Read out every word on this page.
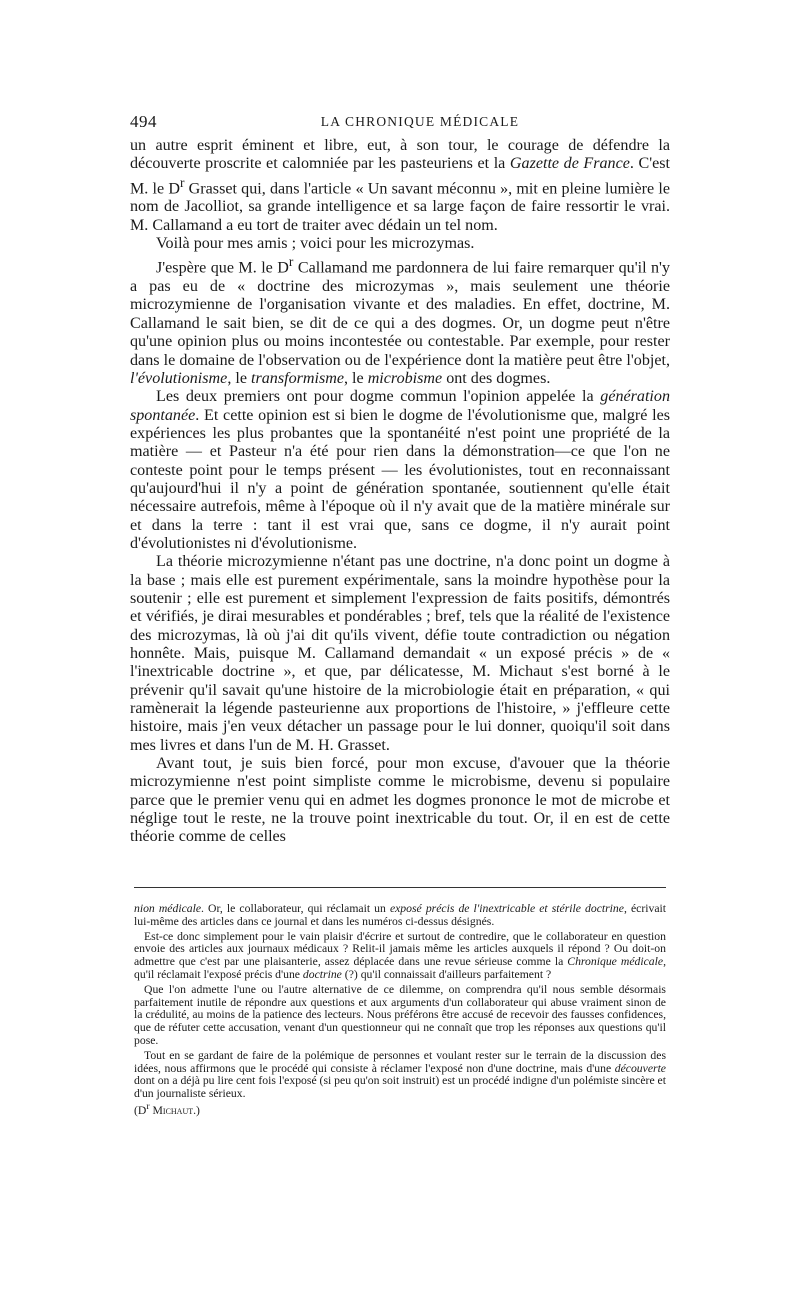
494	LA CHRONIQUE MÉDICALE

un autre esprit éminent et libre, eut, à son tour, le courage de défendre la découverte proscrite et calomniée par les pasteuriens et la Gazette de France. C'est M. le $D^r$ Grasset qui, dans l'article « Un savant méconnu », mit en pleine lumière le nom de Jacolliot, sa grande intelligence et sa large façon de faire ressortir le vrai. M. Callamand a eu tort de traiter avec dédain un tel nom.

Voilà pour mes amis ; voici pour les microzymas.

J'espère que M. le $D^r$ Callamand me pardonnera de lui faire remarquer qu'il n'y a pas eu de « doctrine des microzymas », mais seulement une théorie microzymienne de l'organisation vivante et des maladies. En effet, doctrine, M. Callamand le sait bien, se dit de ce qui a des dogmes. Or, un dogme peut n'être qu'une opinion plus ou moins incontestée ou contestable. Par exemple, pour rester dans le domaine de l'observation ou de l'expérience dont la matière peut être l'objet, l'évolutionisme, le transformisme, le microbisme ont des dogmes.

Les deux premiers ont pour dogme commun l'opinion appelée la génération spontanée. Et cette opinion est si bien le dogme de l'évolutionisme que, malgré les expériences les plus probantes que la spontanéité n'est point une propriété de la matière — et Pasteur n'a été pour rien dans la démonstration—ce que l'on ne conteste point pour le temps présent — les évolutionistes, tout en reconnaissant qu'aujourd'hui il n'y a point de génération spontanée, soutiennent qu'elle était nécessaire autrefois, même à l'époque où il n'y avait que de la matière minérale sur et dans la terre : tant il est vrai que, sans ce dogme, il n'y aurait point d'évolutionistes ni d'évolutionisme.

La théorie microzymienne n'étant pas une doctrine, n'a donc point un dogme à la base ; mais elle est purement expérimentale, sans la moindre hypothèse pour la soutenir ; elle est purement et simplement l'expression de faits positifs, démontrés et vérifiés, je dirai mesurables et pondérables ; bref, tels que la réalité de l'existence des microzymas, là où j'ai dit qu'ils vivent, défie toute contradiction ou négation honnête. Mais, puisque M. Callamand demandait « un exposé précis » de « l'inextricable doctrine », et que, par délicatesse, M. Michaut s'est borné à le prévenir qu'il savait qu'une histoire de la microbiologie était en préparation, « qui ramènerait la légende pasteurienne aux proportions de l'histoire, » j'effleure cette histoire, mais j'en veux détacher un passage pour le lui donner, quoiqu'il soit dans mes livres et dans l'un de M. H. Grasset.

Avant tout, je suis bien forcé, pour mon excuse, d'avouer que la théorie microzymienne n'est point simpliste comme le microbisme, devenu si populaire parce que le premier venu qui en admet les dogmes prononce le mot de microbe et néglige tout le reste, ne la trouve point inextricable du tout. Or, il en est de cette théorie comme de celles

nion médicale. Or, le collaborateur, qui réclamait un exposé précis de l'inextricable et stérile doctrine, écrivait lui-même des articles dans ce journal et dans les numéros ci-dessus désignés.

Est-ce donc simplement pour le vain plaisir d'écrire et surtout de contredire, que le collaborateur en question envoie des articles aux journaux médicaux ? Relit-il jamais même les articles auxquels il répond ? Ou doit-on admettre que c'est par une plaisanterie, assez déplacée dans une revue sérieuse comme la Chronique médicale, qu'il réclamait l'exposé précis d'une doctrine (?) qu'il connaissait d'ailleurs parfaitement ?

Que l'on admette l'une ou l'autre alternative de ce dilemme, on comprendra qu'il nous semble désormais parfaitement inutile de répondre aux questions et aux arguments d'un collaborateur qui abuse vraiment sinon de la crédulité, au moins de la patience des lecteurs. Nous préférons être accusé de recevoir des fausses confidences, que de réfuter cette accusation, venant d'un questionneur qui ne connaît que trop les réponses aux questions qu'il pose.

Tout en se gardant de faire de la polémique de personnes et voulant rester sur le terrain de la discussion des idées, nous affirmons que le procédé qui consiste à réclamer l'exposé non d'une doctrine, mais d'une découverte dont on a déjà pu lire cent fois l'exposé (si peu qu'on soit instruit) est un procédé indigne d'un polémiste sincère et d'un journaliste sérieux.
($D^r$ Michaut.)
